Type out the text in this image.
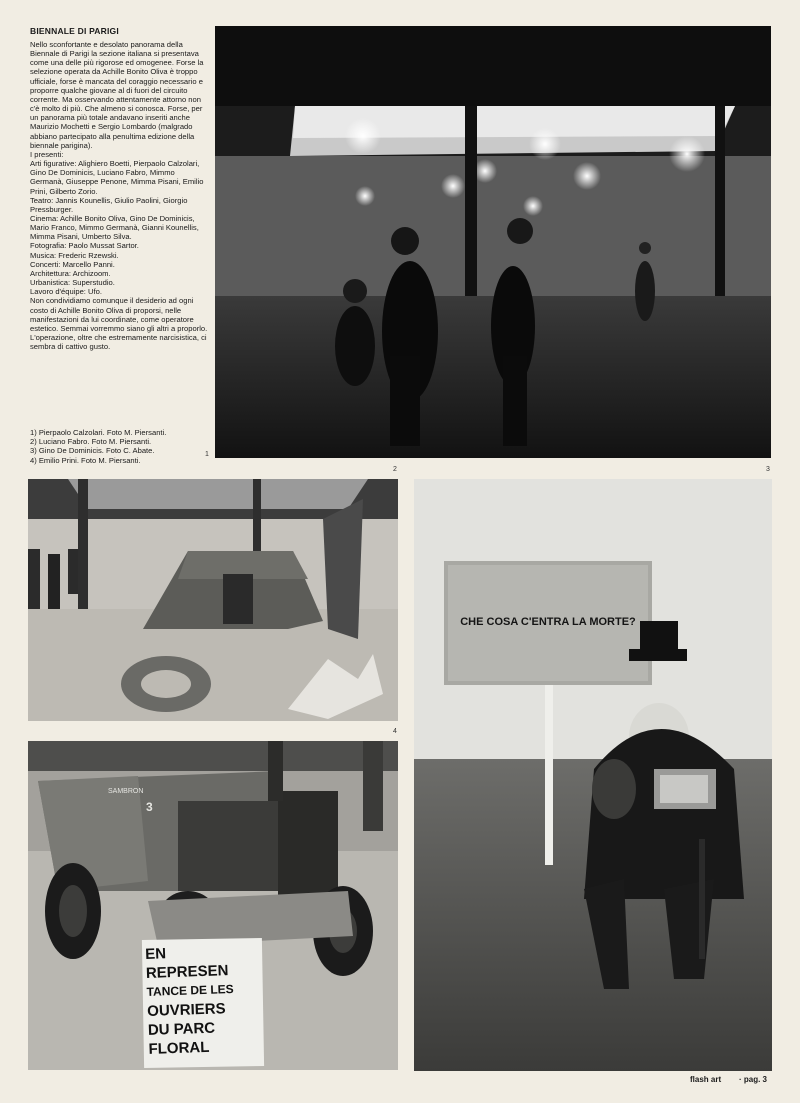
BIENNALE DI PARIGI

Nello sconfortante e desolato panorama della Biennale di Parigi la sezione italiana si presentava come una delle più rigorose ed omogenee. Forse la selezione operata da Achille Bonito Oliva è troppo ufficiale, forse è mancata del coraggio necessario e proporre qualche giovane al di fuori del circuito corrente. Ma osservando attentamente attorno non c'è molto di più. Che almeno si conosca. Forse, per un panorama più totale andavano inseriti anche Maurizio Mochetti e Sergio Lombardo (malgrado abbiano partecipato alla penultima edizione della biennale parigina).

I presenti:

Arti figurative: Alighiero Boetti, Pierpaolo Calzolari, Gino De Dominicis, Luciano Fabro, Mimmo Germanà, Giuseppe Penone, Mimma Pisani, Emilio Prini, Gilberto Zorio.

Teatro: Jannis Kounellis, Giulio Paolini, Giorgio Pressburger.

Cinema: Achille Bonito Oliva, Gino De Dominicis, Mario Franco, Mimmo Germanà, Gianni Kounellis, Mimma Pisani, Umberto Silva.

Fotografia: Paolo Mussat Sartor.

Musica: Frederic Rzewski.

Concerti: Marcello Panni.

Architettura: Archizoom.

Urbanistica: Superstudio.

Lavoro d'équipe: Ufo.

Non condividiamo comunque il desiderio ad ogni costo di Achille Bonito Oliva di proporsi, nelle manifestazioni da lui coordinate, come operatore estetico. Semmai vorremmo siano gli altri a proporlo. L'operazione, oltre che estremamente narcisistica, ci sembra di cattivo gusto.

1) Pierpaolo Calzolari. Foto M. Piersanti.
2) Luciano Fabro. Foto M. Piersanti.
3) Gino De Dominicis. Foto C. Abate.
4) Emilio Prini. Foto M. Piersanti.
1
2	3
4
CHE COSA C'ENTRA LA MORTE?
3
SAMBRON
EN
REPRESEN
TANCE DE LES
OUVRIERS
DU PARC
FLORAL
flash art · pag. 3
